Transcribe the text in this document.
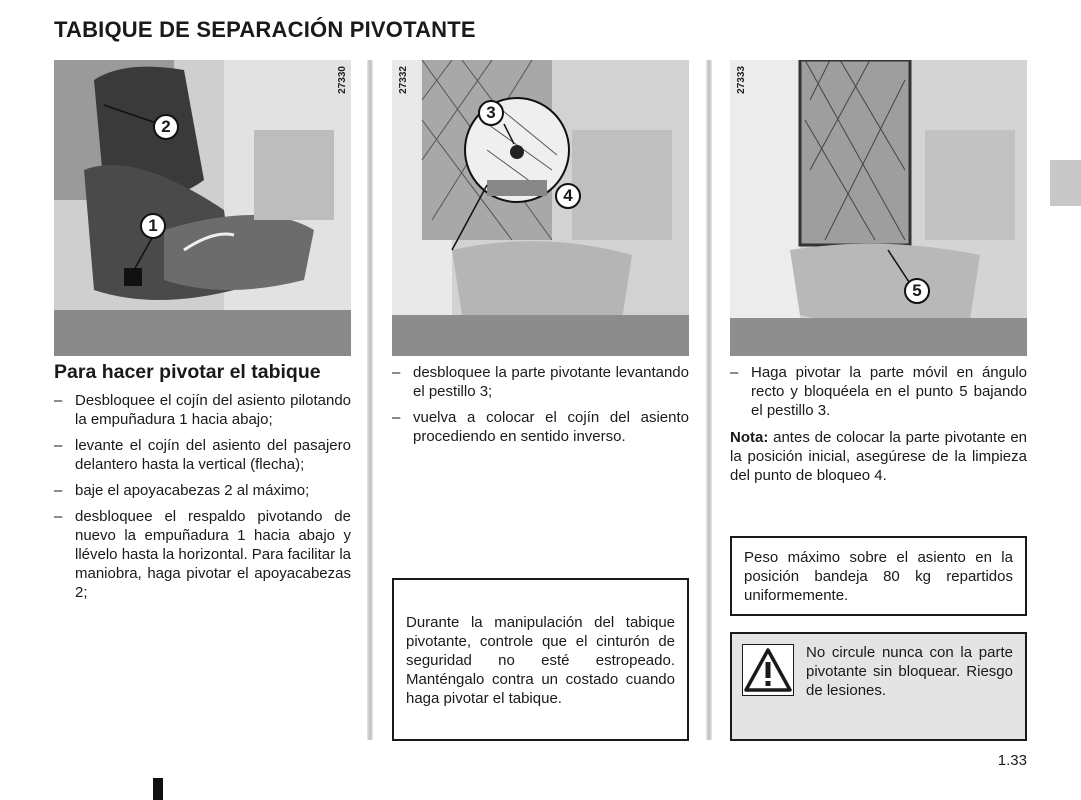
TABIQUE DE SEPARACIÓN PIVOTANTE
27330
2
1
27332
3
4
27333
5
Para hacer pivotar el tabique
– Desbloquee el cojín del asiento pilotando la empuñadura 1 hacia abajo;
– levante el cojín del asiento del pasajero delantero hasta la vertical (flecha);
– baje el apoyacabezas 2 al máximo;
– desbloquee el respaldo pivotando de nuevo la empuñadura 1 hacia abajo y llévelo hasta la horizontal. Para facilitar la maniobra, haga pivotar el apoyacabezas 2;
– desbloquee la parte pivotante levantando el pestillo 3;
– vuelva a colocar el cojín del asiento procediendo en sentido inverso.
Durante la manipulación del tabique pivotante, controle que el cinturón de seguridad no esté estropeado. Manténgalo contra un costado cuando haga pivotar el tabique.
– Haga pivotar la parte móvil en ángulo recto y bloquéela en el punto 5 bajando el pestillo 3.
Nota: antes de colocar la parte pivotante en la posición inicial, asegúrese de la limpieza del punto de bloqueo 4.
Peso máximo sobre el asiento en la posición bandeja 80 kg repartidos uniformemente.
No circule nunca con la parte pivotante sin bloquear. Riesgo de lesiones.
1.33
